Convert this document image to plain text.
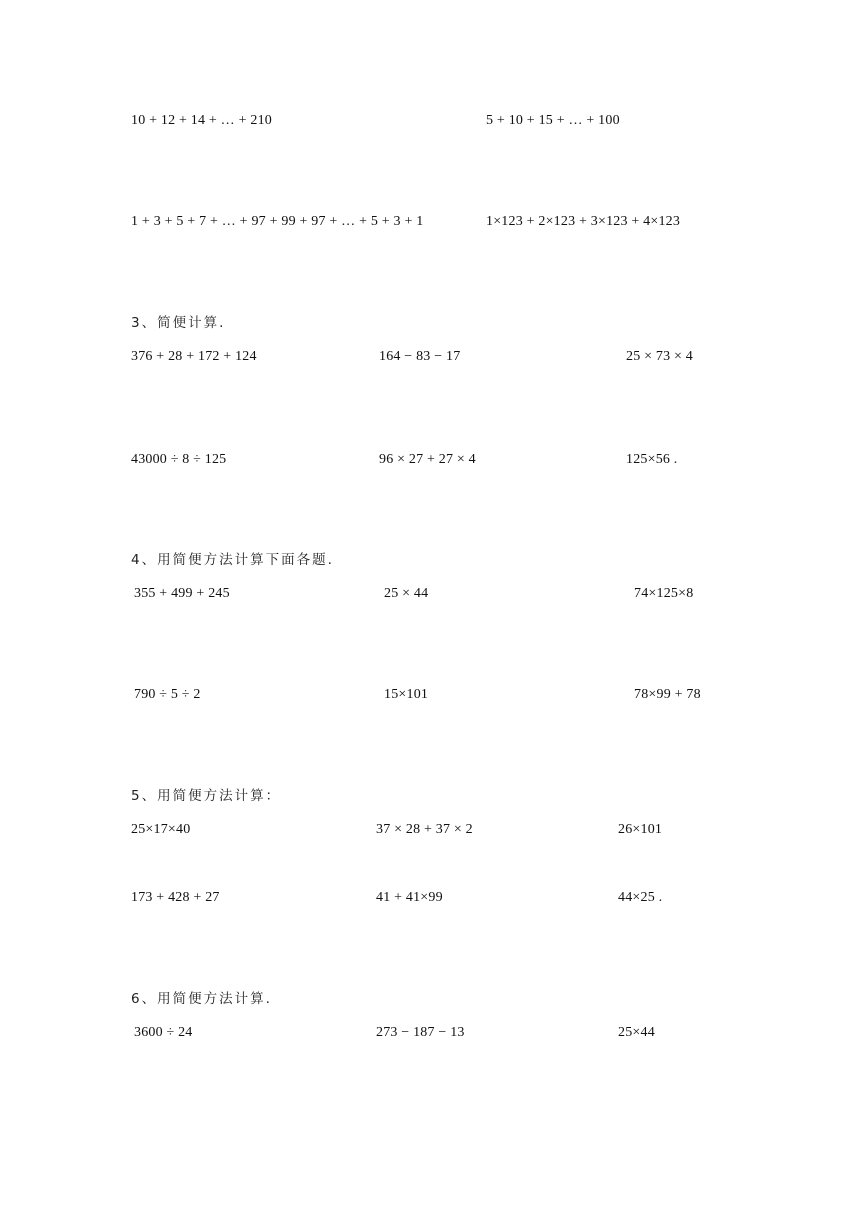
10 + 12 + 14 + … + 210	5 + 10 + 15 + … + 100
1 + 3 + 5 + 7 + … + 97 + 99 + 97 + … + 5 + 3 + 1	1×123 + 2×123 + 3×123 + 4×123
3、简便计算.
376 + 28 + 172 + 124	164 − 83 − 17	25 × 73 × 4
43000 ÷ 8 ÷ 125	96 × 27 + 27 × 4	125×56 .
4、用简便方法计算下面各题.
355 + 499 + 245	25 × 44	74×125×8
790 ÷ 5 ÷ 2	15×101	78×99 + 78
5、用简便方法计算：
25×17×40	37 × 28 + 37 × 2	26×101
173 + 428 + 27	41 + 41×99	44×25 .
6、用简便方法计算.
3600 ÷ 24	273 − 187 − 13	25×44
